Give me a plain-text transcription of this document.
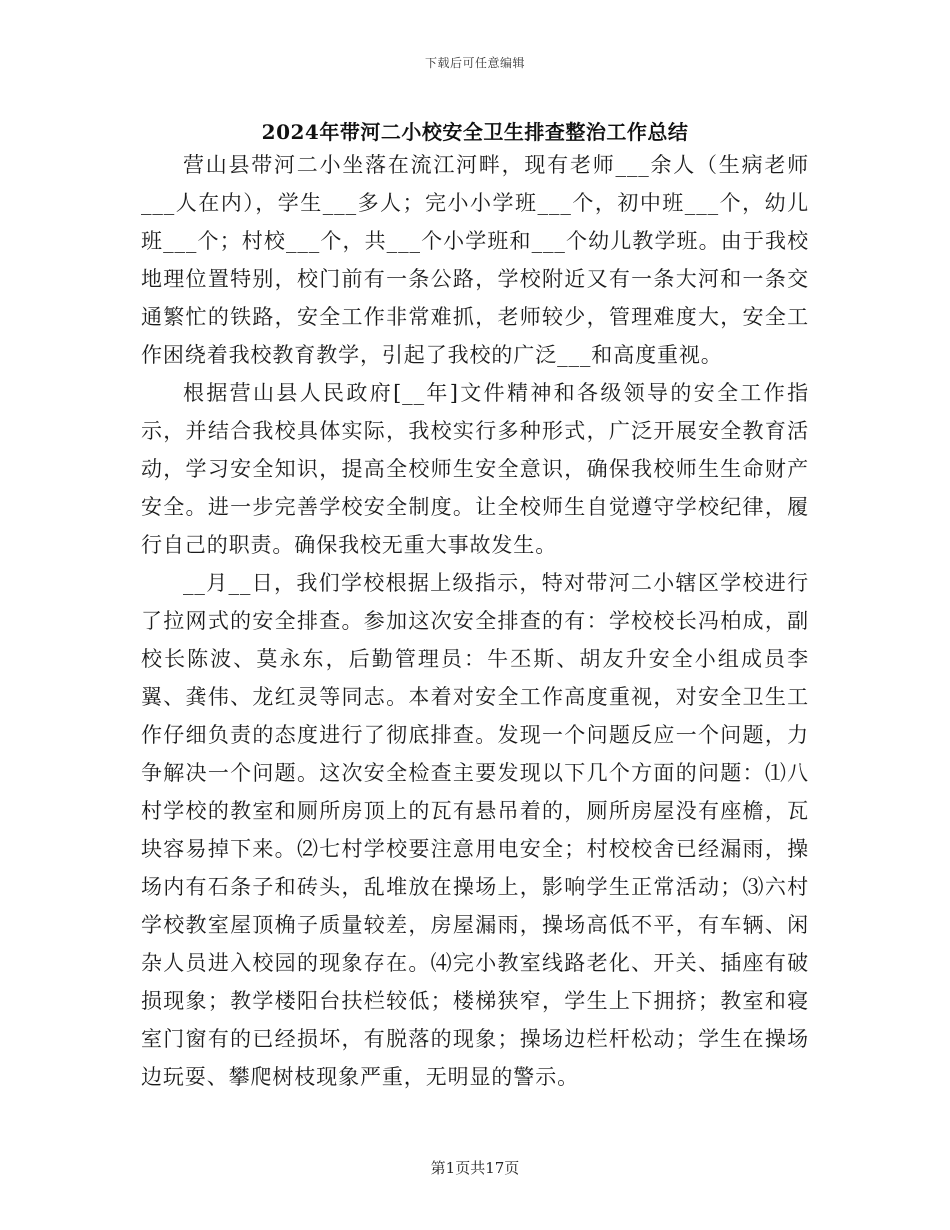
下载后可任意编辑
2024年带河二小校安全卫生排查整治工作总结

营山县带河二小坐落在流江河畔，现有老师___余人（生病老师___人在内），学生___多人；完小小学班___个，初中班___个，幼儿班___个；村校___个，共___个小学班和___个幼儿教学班。由于我校地理位置特别，校门前有一条公路，学校附近又有一条大河和一条交通繁忙的铁路，安全工作非常难抓，老师较少，管理难度大，安全工作困绕着我校教育教学，引起了我校的广泛___和高度重视。

根据营山县人民政府[__年]文件精神和各级领导的安全工作指示，并结合我校具体实际，我校实行多种形式，广泛开展安全教育活动，学习安全知识，提高全校师生安全意识，确保我校师生生命财产安全。进一步完善学校安全制度。让全校师生自觉遵守学校纪律，履行自己的职责。确保我校无重大事故发生。

__月__日，我们学校根据上级指示，特对带河二小辖区学校进行了拉网式的安全排查。参加这次安全排查的有：学校校长冯柏成，副校长陈波、莫永东，后勤管理员：牛丕斯、胡友升安全小组成员李翼、龚伟、龙红灵等同志。本着对安全工作高度重视，对安全卫生工作仔细负责的态度进行了彻底排查。发现一个问题反应一个问题，力争解决一个问题。这次安全检查主要发现以下几个方面的问题：⑴八村学校的教室和厕所房顶上的瓦有悬吊着的，厕所房屋没有座檐，瓦块容易掉下来。⑵七村学校要注意用电安全；村校校舍已经漏雨，操场内有石条子和砖头，乱堆放在操场上，影响学生正常活动；⑶六村学校教室屋顶桷子质量较差，房屋漏雨，操场高低不平，有车辆、闲杂人员进入校园的现象存在。⑷完小教室线路老化、开关、插座有破损现象；教学楼阳台扶栏较低；楼梯狭窄，学生上下拥挤；教室和寝室门窗有的已经损坏，有脱落的现象；操场边栏杆松动；学生在操场边玩耍、攀爬树枝现象严重，无明显的警示。

第1页共17页
